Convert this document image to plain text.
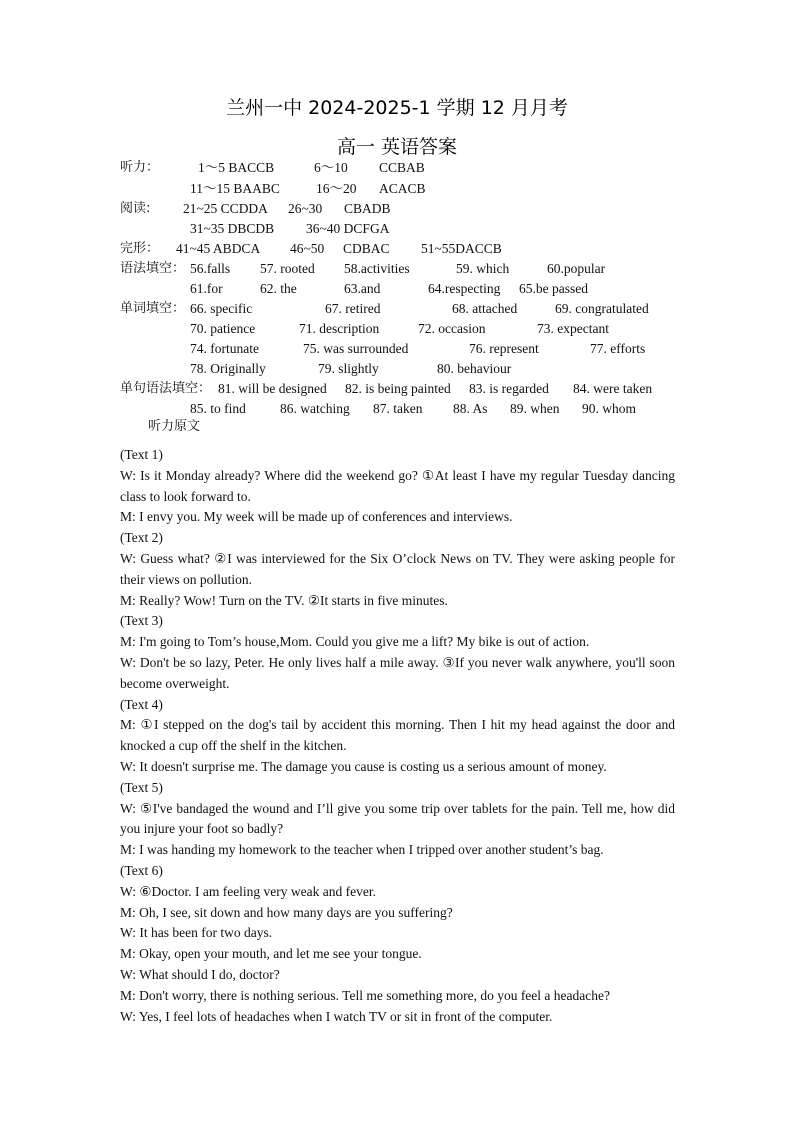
兰州一中 2024-2025-1 学期 12 月月考
高一 英语答案
听力：	1～5 BACCB	6～10 CCBAB
11～15 BAABC	16～20 ACACB
阅读: 21~25 CCDDA 26~30 CBADB
31~35 DBCDB 36~40 DCFGA
完形： 41~45 ABDCA 46~50 CDBAC 51~55DACCB
语法填空： 56.falls 57. rooted 58.activities	59. which	60.popular
61.for	62. the	63.and	64.respecting 65.be passed
单词填空： 66. specific	67. retired	68. attached	69. congratulated
70. patience	71. description	72. occasion	73. expectant
74. fortunate	75. was surrounded	76. represent	77. efforts
78. Originally	79. slightly	80. behaviour
单句语法填空： 81. will be designed 82. is being painted 83. is regarded 84. were taken
85. to find	86. watching 87. taken 88. As 89. when 90. whom
听力原文

(Text 1)

W: Is it Monday already? Where did the weekend go? ①At least I have my regular Tuesday dancing class to look forward to.

M: I envy you. My week will be made up of conferences and interviews.

(Text 2)

W: Guess what? ②I was interviewed for the Six O’clock News on TV. They were asking people for their views on pollution.

M: Really? Wow! Turn on the TV. ②It starts in five minutes.

(Text 3)

M: I'm going to Tom’s house,Mom. Could you give me a lift? My bike is out of action.

W: Don't be so lazy, Peter. He only lives half a mile away. ③If you never walk anywhere, you'll soon become overweight.

(Text 4)

M: ①I stepped on the dog's tail by accident this morning. Then I hit my head against the door and knocked a cup off the shelf in the kitchen.

W: It doesn't surprise me. The damage you cause is costing us a serious amount of money.

(Text 5)

W: ⑤I've bandaged the wound and I’ll give you some trip over tablets for the pain. Tell me, how did you injure your foot so badly?

M: I was handing my homework to the teacher when I tripped over another student’s bag.

(Text 6)

W: ⑥Doctor. I am feeling very weak and fever.

M: Oh, I see, sit down and how many days are you suffering?

W: It has been for two days.

M: Okay, open your mouth, and let me see your tongue.

W: What should I do, doctor?

M: Don't worry, there is nothing serious. Tell me something more, do you feel a headache?

W: Yes, I feel lots of headaches when I watch TV or sit in front of the computer.
